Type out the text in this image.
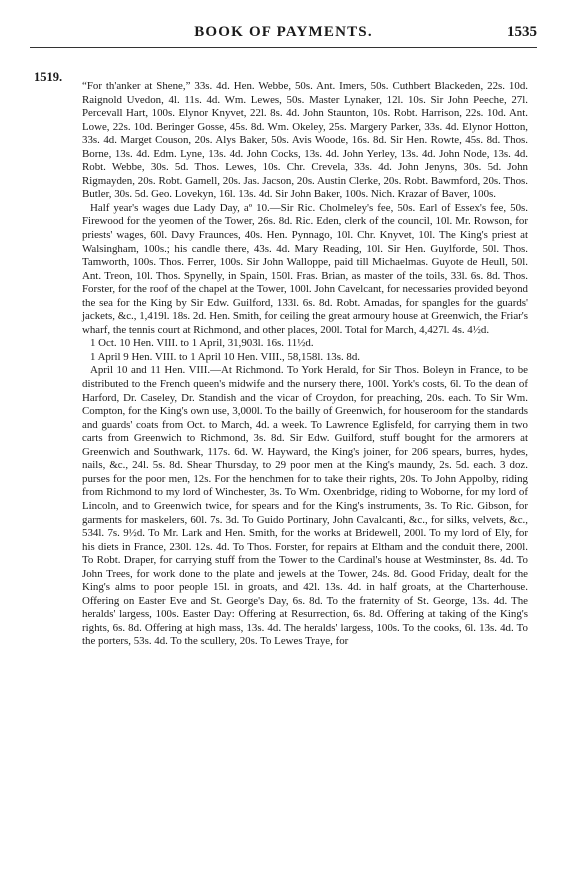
BOOK OF PAYMENTS.	1535
1519.

“For th'anker at Shene,” 33s. 4d. Hen. Webbe, 50s. Ant. Imers, 50s. Cuthbert Blackeden, 22s. 10d. Raignold Uvedon, 4l. 11s. 4d. Wm. Lewes, 50s. Master Lynaker, 12l. 10s. Sir John Peeche, 27l. Percevall Hart, 100s. Elynor Knyvet, 22l. 8s. 4d. John Staunton, 10s. Robt. Harrison, 22s. 10d. Ant. Lowe, 22s. 10d. Beringer Gosse, 45s. 8d. Wm. Okeley, 25s. Margery Parker, 33s. 4d. Elynor Hotton, 33s. 4d. Marget Couson, 20s. Alys Baker, 50s. Avis Woode, 16s. 8d. Sir Hen. Rowte, 45s. 8d. Thos. Borne, 13s. 4d. Edm. Lyne, 13s. 4d. John Cocks, 13s. 4d. John Yerley, 13s. 4d. John Node, 13s. 4d. Robt. Webbe, 30s. 5d. Thos. Lewes, 10s. Chr. Crevela, 33s. 4d. John Jenyns, 30s. 5d. John Rigmayden, 20s. Robt. Gamell, 20s. Jas. Jacson, 20s. Austin Clerke, 20s. Robt. Bawmford, 20s. Thos. Butler, 30s. 5d. Geo. Lovekyn, 16l. 13s. 4d. Sir John Baker, 100s. Nich. Krazar of Baver, 100s.

Half year's wages due Lady Day, aº 10.—Sir Ric. Cholmeley's fee, 50s. Earl of Essex's fee, 50s. Firewood for the yeomen of the Tower, 26s. 8d. Ric. Eden, clerk of the council, 10l. Mr. Rowson, for priests' wages, 60l. Davy Fraunces, 40s. Hen. Pynnago, 10l. Chr. Knyvet, 10l. The King's priest at Walsingham, 100s.; his candle there, 43s. 4d. Mary Reading, 10l. Sir Hen. Guylforde, 50l. Thos. Tamworth, 100s. Thos. Ferrer, 100s. Sir John Walloppe, paid till Michaelmas. Guyote de Heull, 50l. Ant. Treon, 10l. Thos. Spynelly, in Spain, 150l. Fras. Brian, as master of the toils, 33l. 6s. 8d. Thos. Forster, for the roof of the chapel at the Tower, 100l. John Cavelcant, for necessaries provided beyond the sea for the King by Sir Edw. Guilford, 133l. 6s. 8d. Robt. Amadas, for spangles for the guards' jackets, &c., 1,419l. 18s. 2d. Hen. Smith, for ceiling the great armoury house at Greenwich, the Friar's wharf, the tennis court at Richmond, and other places, 200l. Total for March, 4,427l. 4s. 4½d.

1 Oct. 10 Hen. VIII. to 1 April, 31,903l. 16s. 11½d.

1 April 9 Hen. VIII. to 1 April 10 Hen. VIII., 58,158l. 13s. 8d.

April 10 and 11 Hen. VIII.—At Richmond. To York Herald, for Sir Thos. Boleyn in France, to be distributed to the French queen's midwife and the nursery there, 100l. York's costs, 6l. To the dean of Harford, Dr. Caseley, Dr. Standish and the vicar of Croydon, for preaching, 20s. each. To Sir Wm. Compton, for the King's own use, 3,000l. To the bailly of Greenwich, for houseroom for the standards and guards' coats from Oct. to March, 4d. a week. To Lawrence Eglisfeld, for carrying them in two carts from Greenwich to Richmond, 3s. 8d. Sir Edw. Guilford, stuff bought for the armorers at Greenwich and Southwark, 117s. 6d. W. Hayward, the King's joiner, for 206 spears, burres, hydes, nails, &c., 24l. 5s. 8d. Shear Thursday, to 29 poor men at the King's maundy, 2s. 5d. each. 3 doz. purses for the poor men, 12s. For the henchmen for to take their rights, 20s. To John Appolby, riding from Richmond to my lord of Winchester, 3s. To Wm. Oxenbridge, riding to Woborne, for my lord of Lincoln, and to Greenwich twice, for spears and for the King's instruments, 3s. To Ric. Gibson, for garments for maskelers, 60l. 7s. 3d. To Guido Portinary, John Cavalcanti, &c., for silks, velvets, &c., 534l. 7s. 9½d. To Mr. Lark and Hen. Smith, for the works at Bridewell, 200l. To my lord of Ely, for his diets in France, 230l. 12s. 4d. To Thos. Forster, for repairs at Eltham and the conduit there, 200l. To Robt. Draper, for carrying stuff from the Tower to the Cardinal's house at Westminster, 8s. 4d. To John Trees, for work done to the plate and jewels at the Tower, 24s. 8d. Good Friday, dealt for the King's alms to poor people 15l. in groats, and 42l. 13s. 4d. in half groats, at the Charterhouse. Offering on Easter Eve and St. George's Day, 6s. 8d. To the fraternity of St. George, 13s. 4d. The heralds' largess, 100s. Easter Day: Offering at Resurrection, 6s. 8d. Offering at taking of the King's rights, 6s. 8d. Offering at high mass, 13s. 4d. The heralds' largess, 100s. To the cooks, 6l. 13s. 4d. To the porters, 53s. 4d. To the scullery, 20s. To Lewes Traye, for
